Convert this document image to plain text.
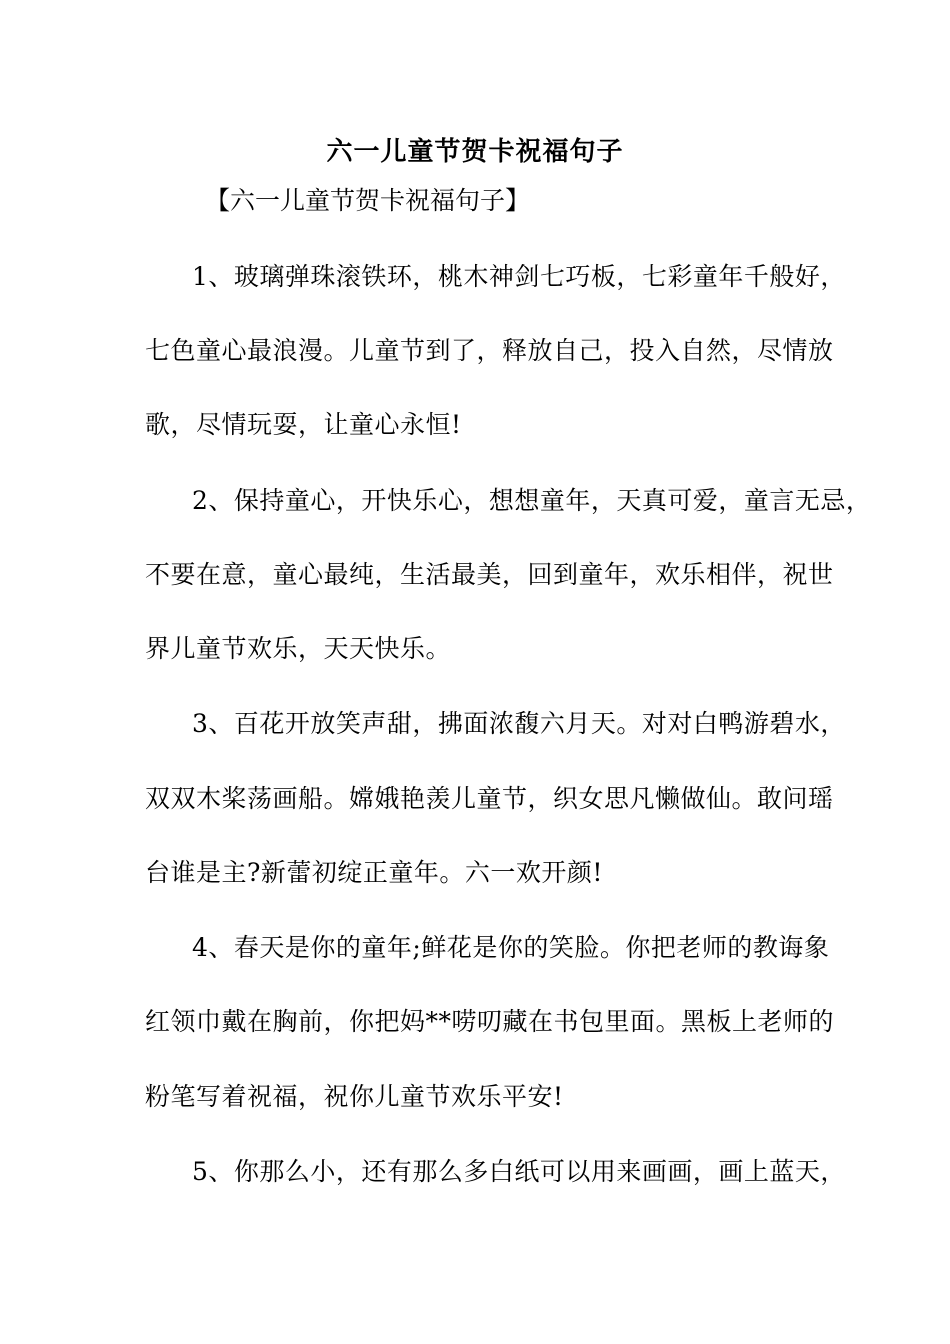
六一儿童节贺卡祝福句子
【六一儿童节贺卡祝福句子】
1、玻璃弹珠滚铁环，桃木神剑七巧板，七彩童年千般好，
七色童心最浪漫。儿童节到了，释放自己，投入自然，尽情放
歌，尽情玩耍，让童心永恒!
2、保持童心，开快乐心，想想童年，天真可爱，童言无忌，
不要在意，童心最纯，生活最美，回到童年，欢乐相伴，祝世
界儿童节欢乐，天天快乐。
3、百花开放笑声甜，拂面浓馥六月天。对对白鸭游碧水，
双双木桨荡画船。嫦娥艳羡儿童节，织女思凡懒做仙。敢问瑶
台谁是主?新蕾初绽正童年。六一欢开颜!
4、春天是你的童年;鲜花是你的笑脸。你把老师的教诲象
红领巾戴在胸前，你把妈**唠叨藏在书包里面。黑板上老师的
粉笔写着祝福，祝你儿童节欢乐平安!
5、你那么小，还有那么多白纸可以用来画画，画上蓝天，
